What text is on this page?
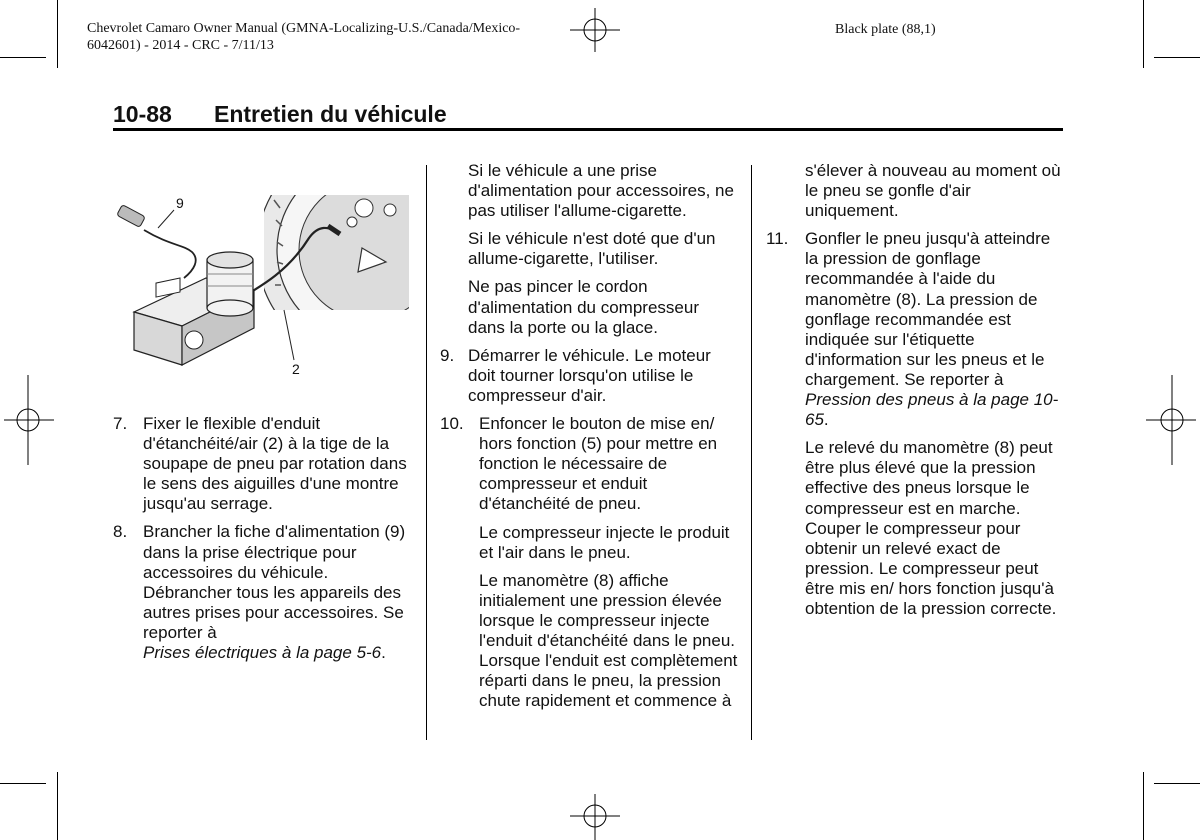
Chevrolet Camaro Owner Manual (GMNA-Localizing-U.S./Canada/Mexico-
6042601) - 2014 - CRC - 7/11/13
Black plate (88,1)
10-88 Entretien du véhicule
9
2
7. Fixer le flexible d'enduit d'étanchéité/air (2) à la tige de la soupape de pneu par rotation dans le sens des aiguilles d'une montre jusqu'au serrage.
8. Brancher la fiche d'alimentation (9) dans la prise électrique pour accessoires du véhicule. Débrancher tous les appareils des autres prises pour accessoires. Se reporter à
Prises électriques à la page 5-6.

Si le véhicule a une prise d'alimentation pour accessoires, ne pas utiliser l'allume-cigarette.

Si le véhicule n'est doté que d'un allume-cigarette, l'utiliser.

Ne pas pincer le cordon d'alimentation du compresseur dans la porte ou la glace.

9. Démarrer le véhicule. Le moteur doit tourner lorsqu'on utilise le compresseur d'air.
10. Enfoncer le bouton de mise en/ hors fonction (5) pour mettre en fonction le nécessaire de compresseur et enduit d'étanchéité de pneu.

Le compresseur injecte le produit et l'air dans le pneu.

Le manomètre (8) affiche initialement une pression élevée lorsque le compresseur injecte l'enduit d'étanchéité dans le pneu. Lorsque l'enduit est complètement réparti dans le pneu, la pression chute rapidement et commence à

s'élever à nouveau au moment où le pneu se gonfle d'air uniquement.

11. Gonfler le pneu jusqu'à atteindre la pression de gonflage recommandée à l'aide du manomètre (8). La pression de gonflage recommandée est indiquée sur l'étiquette d'information sur les pneus et le chargement. Se reporter à
Pression des pneus à la page 10-65.

Le relevé du manomètre (8) peut être plus élevé que la pression effective des pneus lorsque le compresseur est en marche. Couper le compresseur pour obtenir un relevé exact de pression. Le compresseur peut être mis en/ hors fonction jusqu'à obtention de la pression correcte.
